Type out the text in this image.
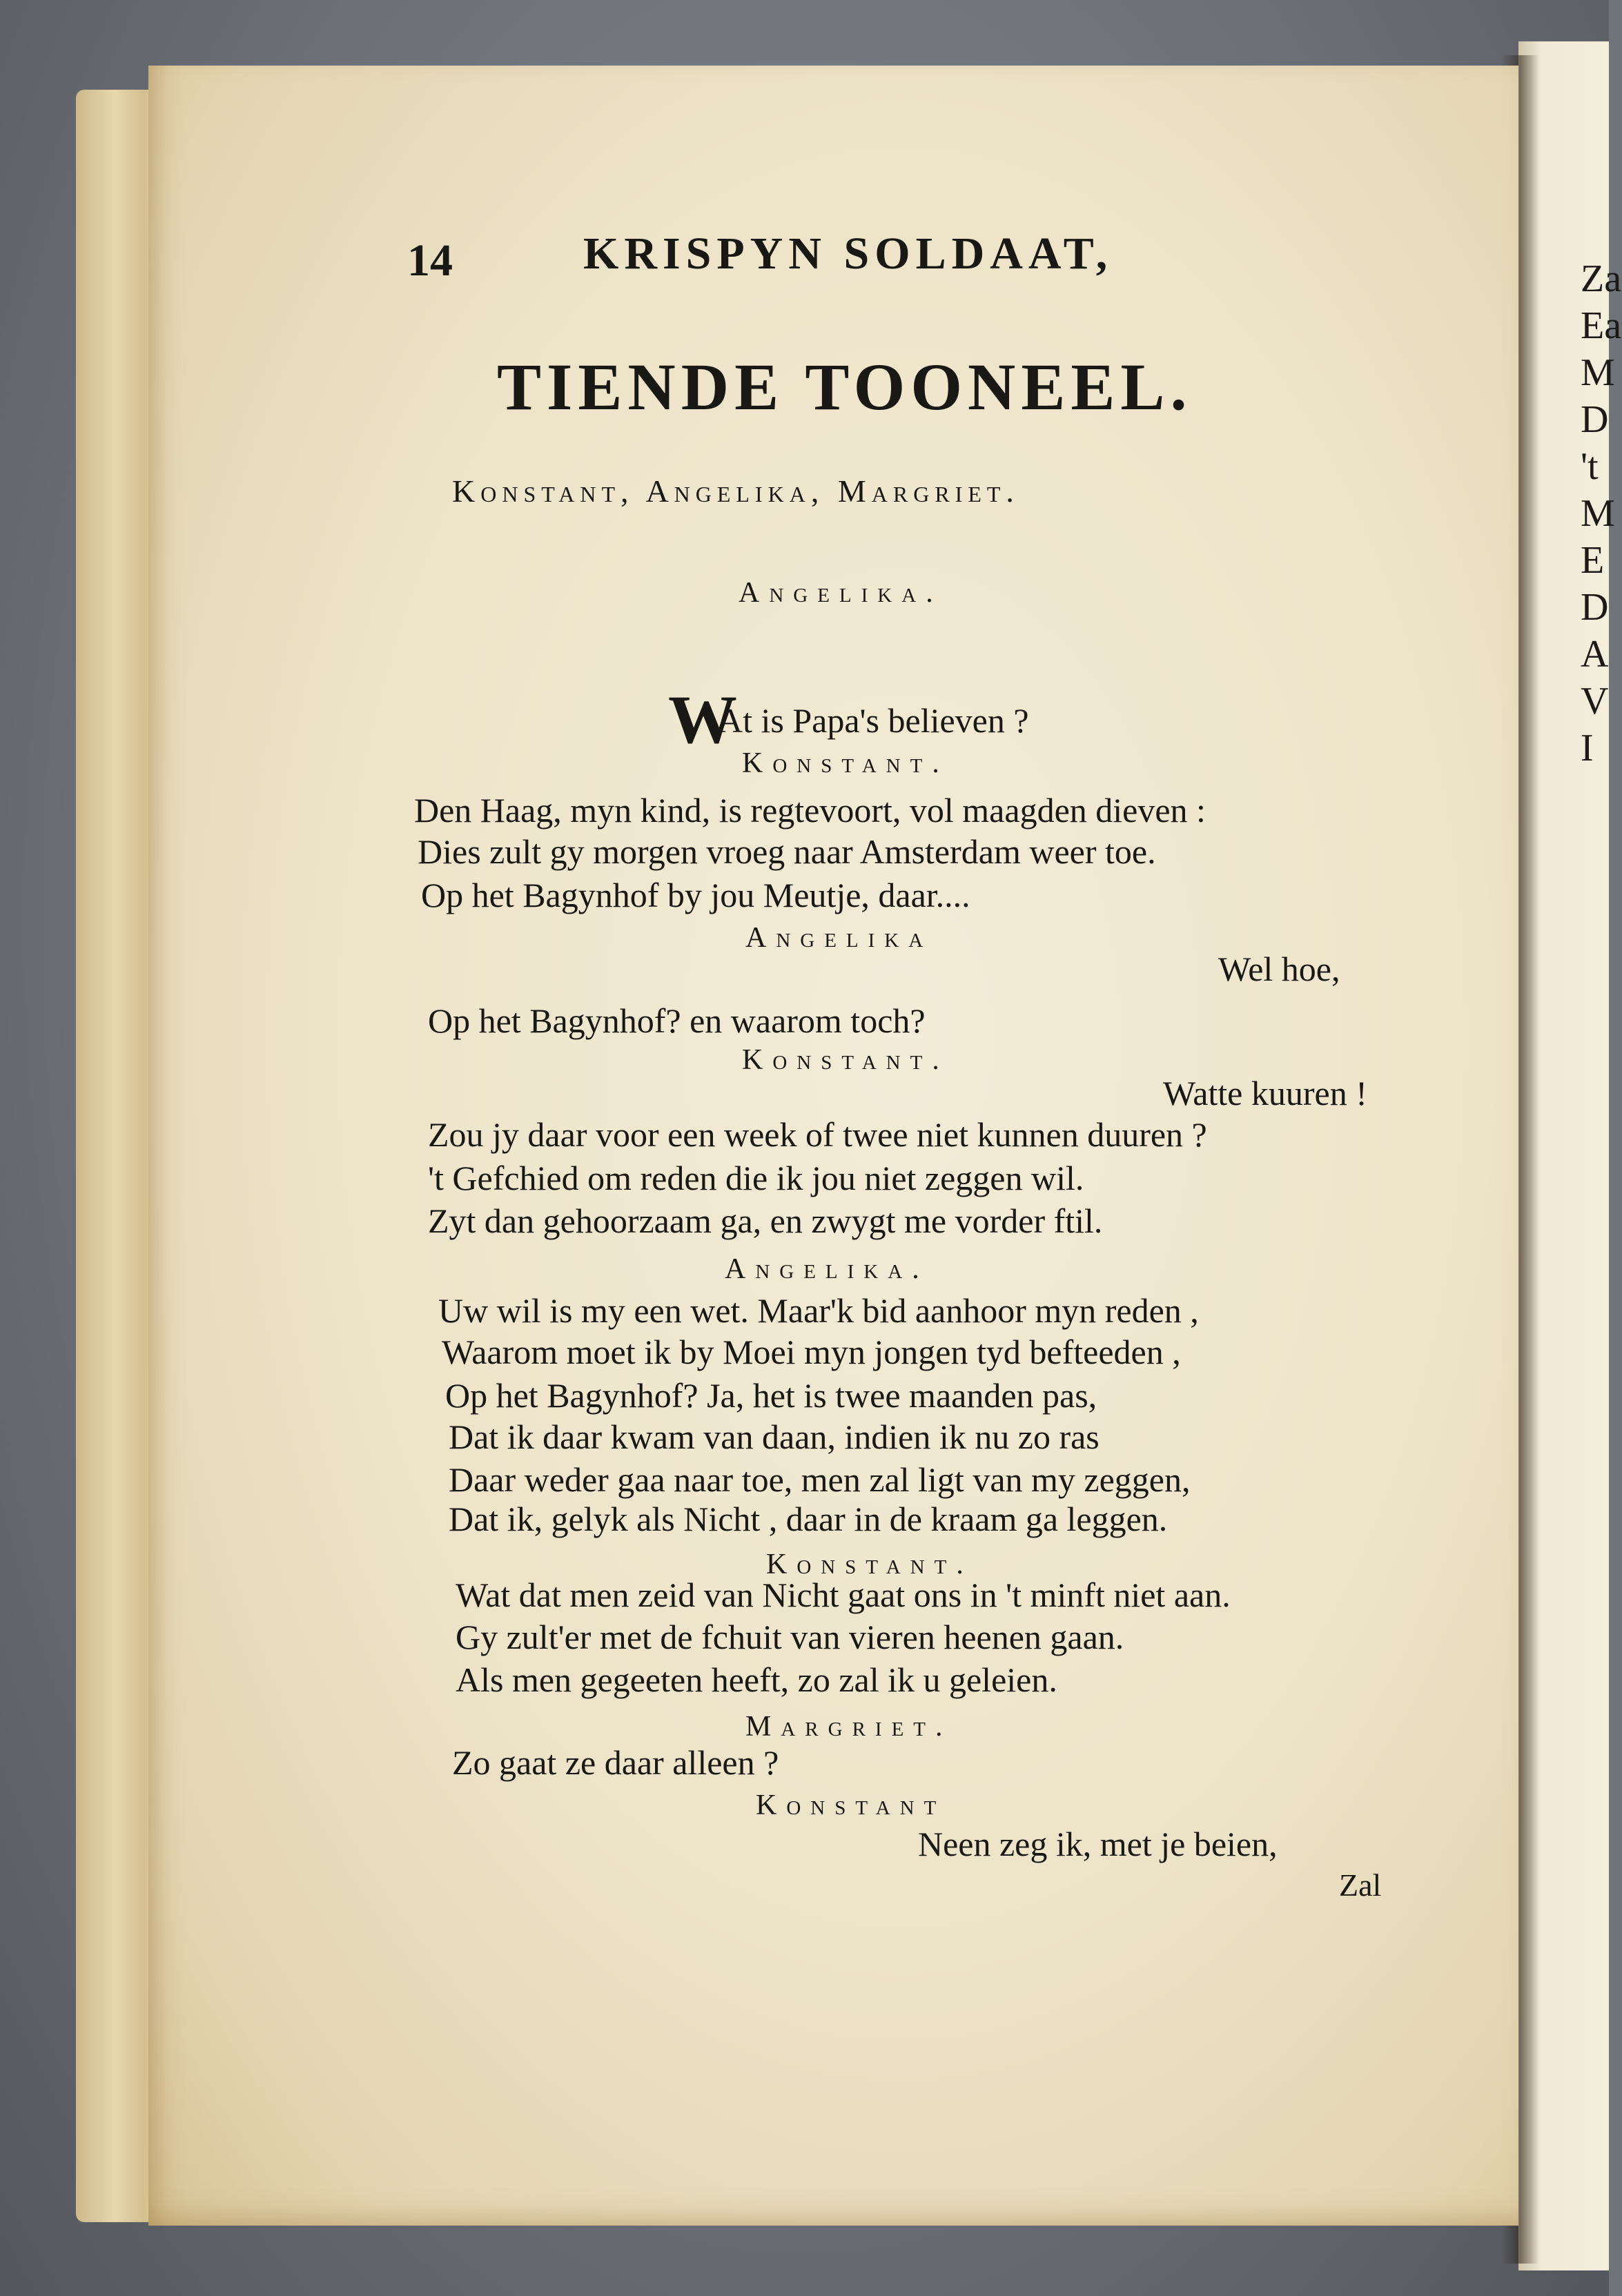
Za
Ea
M
D
't
M
E
D
A
V
I
14	KRISPYN SOLDAAT,
TIENDE TOONEEL.
Konstant, Angelika, Margriet.
Angelika.
W
At is Papa's believen ?
Konstant.
Den Haag, myn kind, is regtevoort, vol maagden dieven :
Dies zult gy morgen vroeg naar Amsterdam weer toe.
Op het Bagynhof by jou Meutje, daar....
Angelika
Wel hoe,
Op het Bagynhof? en waarom toch?
Konstant.
Watte kuuren !
Zou jy daar voor een week of twee niet kunnen duuren ?
't Gefchied om reden die ik jou niet zeggen wil.
Zyt dan gehoorzaam ga, en zwygt me vorder ftil.
Angelika.
Uw wil is my een wet. Maar'k bid aanhoor myn reden ,
Waarom moet ik by Moei myn jongen tyd befteeden ,
Op het Bagynhof? Ja, het is twee maanden pas,
Dat ik daar kwam van daan, indien ik nu zo ras
Daar weder gaa naar toe, men zal ligt van my zeggen,
Dat ik, gelyk als Nicht , daar in de kraam ga leggen.
Konstant.
Wat dat men zeid van Nicht gaat ons in 't minft niet aan.
Gy zult'er met de fchuit van vieren heenen gaan.
Als men gegeeten heeft, zo zal ik u geleien.
Margriet.
Zo gaat ze daar alleen ?
Konstant
Neen zeg ik, met je beien,
Zal
